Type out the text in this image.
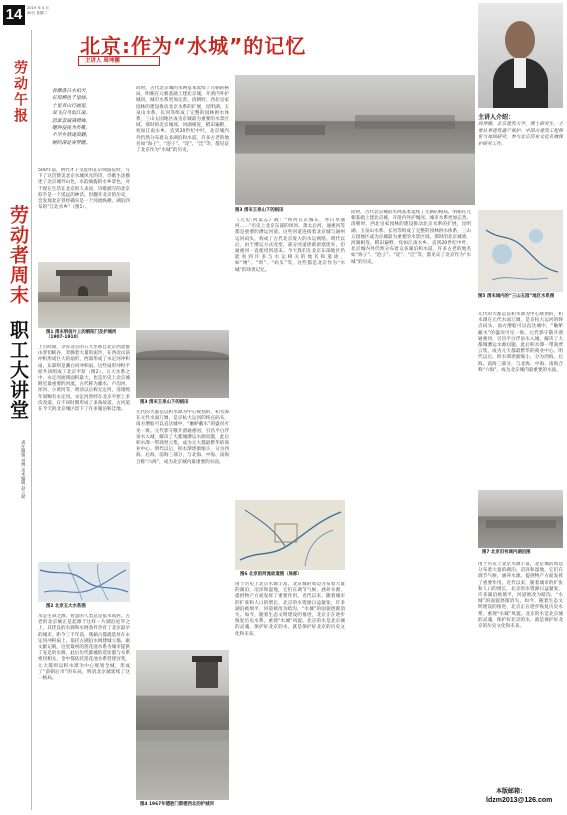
14	2019年4月30日 星期二
劳动午报
劳动者周末
职工大讲堂
责任编辑 刘博 美术编辑 赵立斌
北京:作为“水城”的记忆
主讲人 周坤鹏
主讲人介绍：
周坤鹏，北京建筑大学，博士研究生，主要从事建筑遗产保护、中国古建筑工程修复与加固研究。参与北京历史文化名城保护研究工作。
春潮落日水拍天,
长堤柳色千里绿。
十里青山行画里,
双飞白鸟似江南。
思家忽涌满襟袖,
曙钟侵夜为传歌,
不尽乡情逐浪翻,
婉约深处客梦醒。
500年前，明代才子文征明在京师游玩时，写下了这首赞美北京水城风光的诗，诗歌生动描述了北京城外山色、水韵旖旎的水乡景色。对于现在生活在北京的人来说，诗歌描写的北京似乎是一个遥远的神话。但翻开北京的历史，会发现北京曾经确实是一个河流纵横、湖泊四布的“江北水乡”（图1）。
图1 清末明信片上的朝阳门及护城河（1907-1910）
上古时期，孕育北京的五大水系自北京西北群山穿切峡谷，奔腾着大量的泥沙，在西北山前冲积形成巨大的扇形，西部形成了永定河冲积扇，东部则是潮白河冲积扇，这些扇形冲积平原共同组成了北京平原（图2）。五大水系之中，永定河流域面积最大，也是历史上北京城附近最重要的河流。古代称为漯水、卢沟河、浑河、小黄河等，明清以后称无定河，清康熙年间赐名永定河。永定河曾经在北京平原上多次改道，在不同时期形成了多条故道，古河道在今天的北京城区留下了许多湖泊和洼地。
图2 北京五大水系图
水是生命之源，智慧的人类总是依水而居。古老的北京城正是起源于这样一片湖泊星罗之上，其优良的水源和水网条件孕育了北京最早的城市。距今三千年前，燕蓟古都就选址在永定河冲积扇上，依托古湖泊水网建城立都。据文献记载，这里最初的莲花池水系为城市提供了充足的水源，此后历代都城的选址都与水系密切相关，金中都依托莲花池水系营建宫苑，元大都则以积水潭为中心规划全城，形成了“前朝后市”的布局，明清北京城延续了这一格局。
同时，古代北京城的水网基本延续了元朝的格局。明朝在元朝基础上建北京城，开凿内外护城河，城市水系更加完善。清朝时，西北皇家园林的建设推动北京水系的扩展，昆明湖、玉泉山水系、长河等组成了完整的园林供水体系，三山五园地区成为京城最为重要的水景区域。那时的北京城郊，河湖相连，稻田遍野，宛如江南水乡。直到20世纪中叶，北京城内外仍然分布着众多湖泊和水道，许多古老的地名如“海子”、“泡子”、“淀”、“洼”等，都见证了北京作为“水城”的历史。
图3 清末王泉山下的稻田
元代的大都是以积水潭为中心规划的，积水潭在元代水面辽阔，是京杭大运河的终点码头，南方漕船可以直达城中，“舳舻蔽水”的盛况可见一斑。元代郭守敬开凿通惠河，引昌平白浮泉水入城，解决了大都城漕运水源问题，此后积水潭一带商贾云集，成为元大都最繁华的商业中心。明代以后，积水潭逐渐缩小，分为西海、后海、前海三部分，与北海、中海、南海合称“六海”，成为北京城内最重要的水面。
图4 1967年德胜门箭楼西北的护城河
图3 清末王泉山下的稻田
《元史·河渠志》载：“坝河在京城东，亦曰阜通河……”历史上北京东部的坝河、萧太后河、通惠河等都是重要的漕运河道。这些河道连接着北京城与通州运河码头，构成了古代北京庞大的水运网络。明代以后，由于漕运方式改变，部分河道逐渐淤塞废弃，但通惠河一直使用到清末。今天我们在北京东部地区仍能看到许多与水运相关的地名和遗迹，如“闸”、“坝”、“码头”等，这些都是北京作为“水城”的珍贵记忆。
图6 北京的河流故道图（局部）
由于历史上北京水源丰富，北京城的周边分布着大量的湖泊、沼泽和湿地，它们在调节气候、涵养水源、提供物产方面发挥了重要作用。近代以来，随着城市的扩张和人口的增长，北京的水资源日益紧张，许多湖泊被填平，河道被改为暗沟，“水城”的面貌逐渐消失。如今，随着生态文明建设的推进，北京正在逐步恢复历史水系，重现“水城”风貌。北京的水是北京城的灵魂，保护好北京的水，就是保护好北京的历史文化和未来。
同时，古代北京城的水网基本延续了元朝的格局。明朝在元朝基础上建北京城，开凿内外护城河，城市水系更加完善。清朝时，西北皇家园林的建设推动北京水系的扩展，昆明湖、玉泉山水系、长河等组成了完整的园林供水体系，三山五园地区成为京城最为重要的水景区域。那时的北京城郊，河湖相连，稻田遍野，宛如江南水乡。直到20世纪中叶，北京城内外仍然分布着众多湖泊和水道，许多古老的地名如“海子”、“泡子”、“淀”、“洼”等，都见证了北京作为“水城”的历史。
图5 清末城内的“三山五园”地区水系图
元代的大都是以积水潭为中心规划的，积水潭在元代水面辽阔，是京杭大运河的终点码头，南方漕船可以直达城中，“舳舻蔽水”的盛况可见一斑。元代郭守敬开凿通惠河，引昌平白浮泉水入城，解决了大都城漕运水源问题，此后积水潭一带商贾云集，成为元大都最繁华的商业中心。明代以后，积水潭逐渐缩小，分为西海、后海、前海三部分，与北海、中海、南海合称“六海”，成为北京城内最重要的水面。
图7 北京旧有城内湖泊图
由于历史上北京水源丰富，北京城的周边分布着大量的湖泊、沼泽和湿地，它们在调节气候、涵养水源、提供物产方面发挥了重要作用。近代以来，随着城市的扩张和人口的增长，北京的水资源日益紧张，许多湖泊被填平，河道被改为暗沟，“水城”的面貌逐渐消失。如今，随着生态文明建设的推进，北京正在逐步恢复历史水系，重现“水城”风貌。北京的水是北京城的灵魂，保护好北京的水，就是保护好北京的历史文化和未来。
本版邮箱：
ldzm2013@126.com
